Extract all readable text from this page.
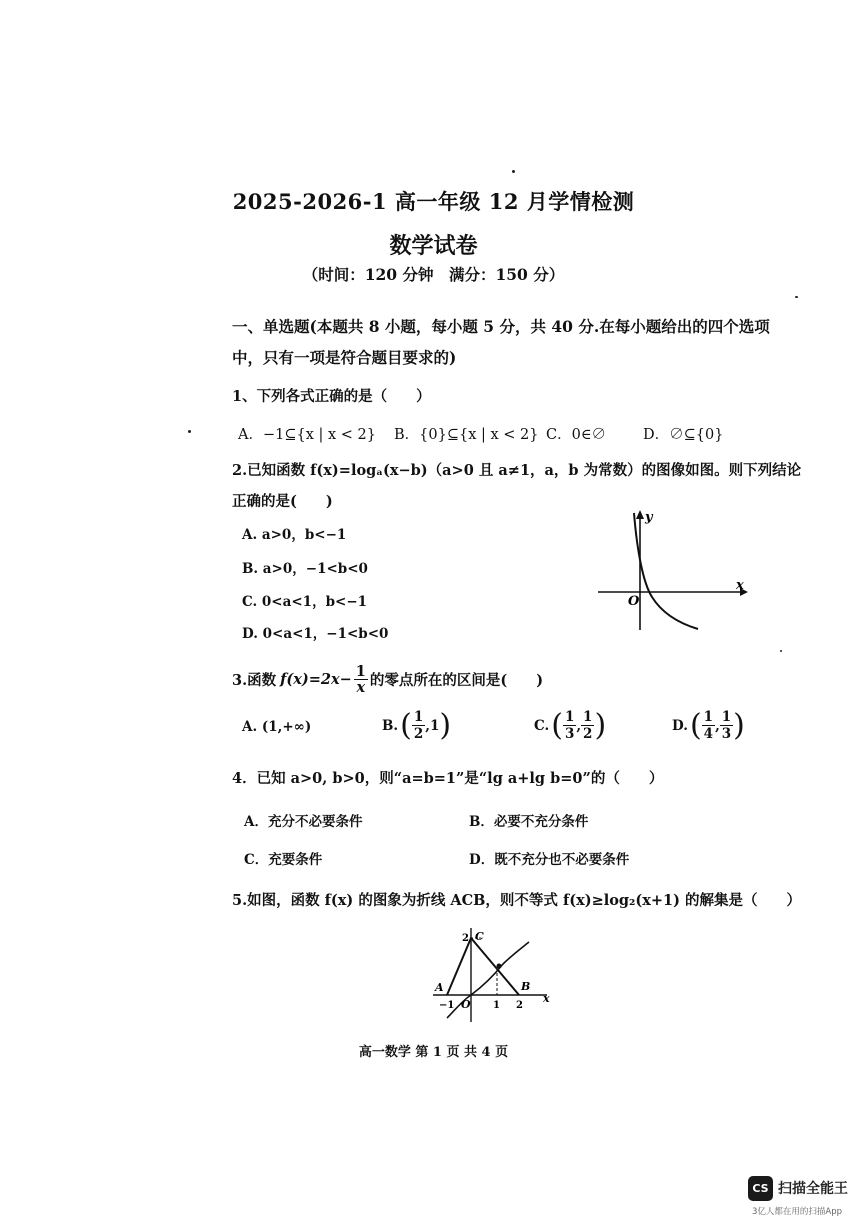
2025-2026-1 高一年级 12 月学情检测
数学试卷
（时间：120 分钟　满分：150 分）
一、单选题(本题共 8 小题，每小题 5 分，共 40 分.在每小题给出的四个选项
中，只有一项是符合题目要求的)
1、下列各式正确的是（　　）
A．−1⊆{x | x < 2} B．{0}⊆{x | x < 2} C．0∈∅	D．∅⊆{0}
2.已知函数 f(x)=logₐ(x−b)（a>0 且 a≠1，a，b 为常数）的图像如图。则下列结论
正确的是(　　)
A. a>0，b<−1
B. a>0，−1<b<0
C. 0<a<1，b<−1
D. 0<a<1，−1<b<0
y
x
O
3.函数 $f(x)=2x- \frac{1}{x}$ 的零点所在的区间是(　　)
A. (1,+∞)	B. ( 1
2
,1 )	C. ( 1
3
,
1
2 )	D. ( 1
4
,
1
3 )
4．已知 a>0, b>0，则“a=b=1”是“lg a+lg b=0”的（　　）
A．充分不必要条件	B．必要不充分条件
C．充要条件	D．既不充分也不必要条件
5.如图，函数 f(x) 的图象为折线 ACB，则不等式 f(x)≥log₂(x+1) 的解集是（　　）
A
C
B
O	x
−1	1 2
2
高一数学 第 1 页 共 4 页
CS 扫描全能王
3亿人都在用的扫描App
